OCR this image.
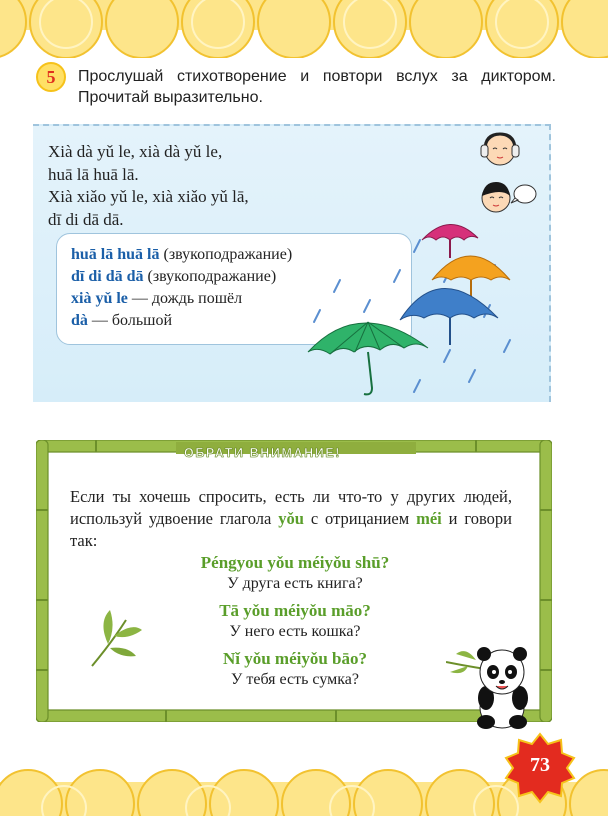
5	Прослушай стихотворение и повтори вслух за диктором. Прочитай выразительно.
Xià dà yǔ le, xià dà yǔ le,
huā lā huā lā.
Xià xiǎo yǔ le, xià xiǎo yǔ lā,
dī di dā dā.
huā lā huā lā (звукоподражание)
dī di dā dā (звукоподражание)
xià yǔ le — дождь пошёл
dà — большой
ОБРАТИ ВНИМАНИЕ!
Если ты хочешь спросить, есть ли что-то у других людей, используй удвоение глагола yǒu с отрицанием méi и говори так:
Péngyou yǒu méiyǒu shū?
У друга есть книга?
Tā yǒu méiyǒu māo?
У него есть кошка?
Nǐ yǒu méiyǒu bāo?
У тебя есть сумка?
73
